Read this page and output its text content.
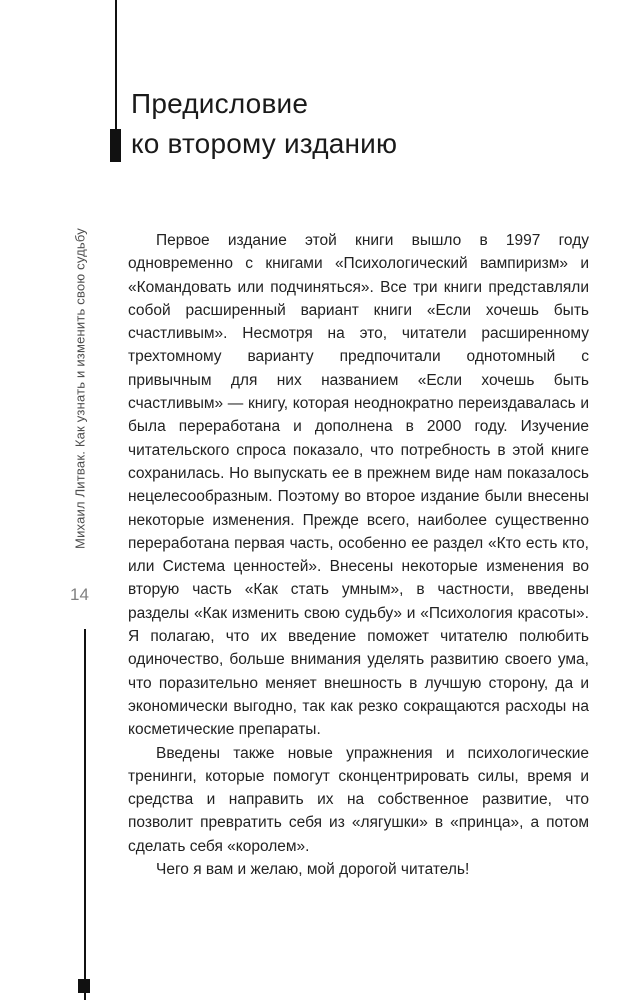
Предисловие
ко второму изданию
Михаил Литвак. Как узнать и изменить свою судьбу
14

Первое издание этой книги вышло в 1997 году одновременно с книгами «Психологический вампиризм» и «Командовать или подчиняться». Все три книги представляли собой расширенный вариант книги «Если хочешь быть счастливым». Несмотря на это, читатели расширенному трехтомному варианту предпочитали однотомный с привычным для них названием «Если хочешь быть счастливым» — книгу, которая неоднократно переиздавалась и была переработана и дополнена в 2000 году. Изучение читательского спроса показало, что потребность в этой книге сохранилась. Но выпускать ее в прежнем виде нам показалось нецелесообразным. Поэтому во второе издание были внесены некоторые изменения. Прежде всего, наиболее существенно переработана первая часть, особенно ее раздел «Кто есть кто, или Система ценностей». Внесены некоторые изменения во вторую часть «Как стать умным», в частности, введены разделы «Как изменить свою судьбу» и «Психология красоты». Я полагаю, что их введение поможет читателю полюбить одиночество, больше внимания уделять развитию своего ума, что поразительно меняет внешность в лучшую сторону, да и экономически выгодно, так как резко сокращаются расходы на косметические препараты.

Введены также новые упражнения и психологические тренинги, которые помогут сконцентрировать силы, время и средства и направить их на собственное развитие, что позволит превратить себя из «лягушки» в «принца», а потом сделать себя «королем».

Чего я вам и желаю, мой дорогой читатель!
